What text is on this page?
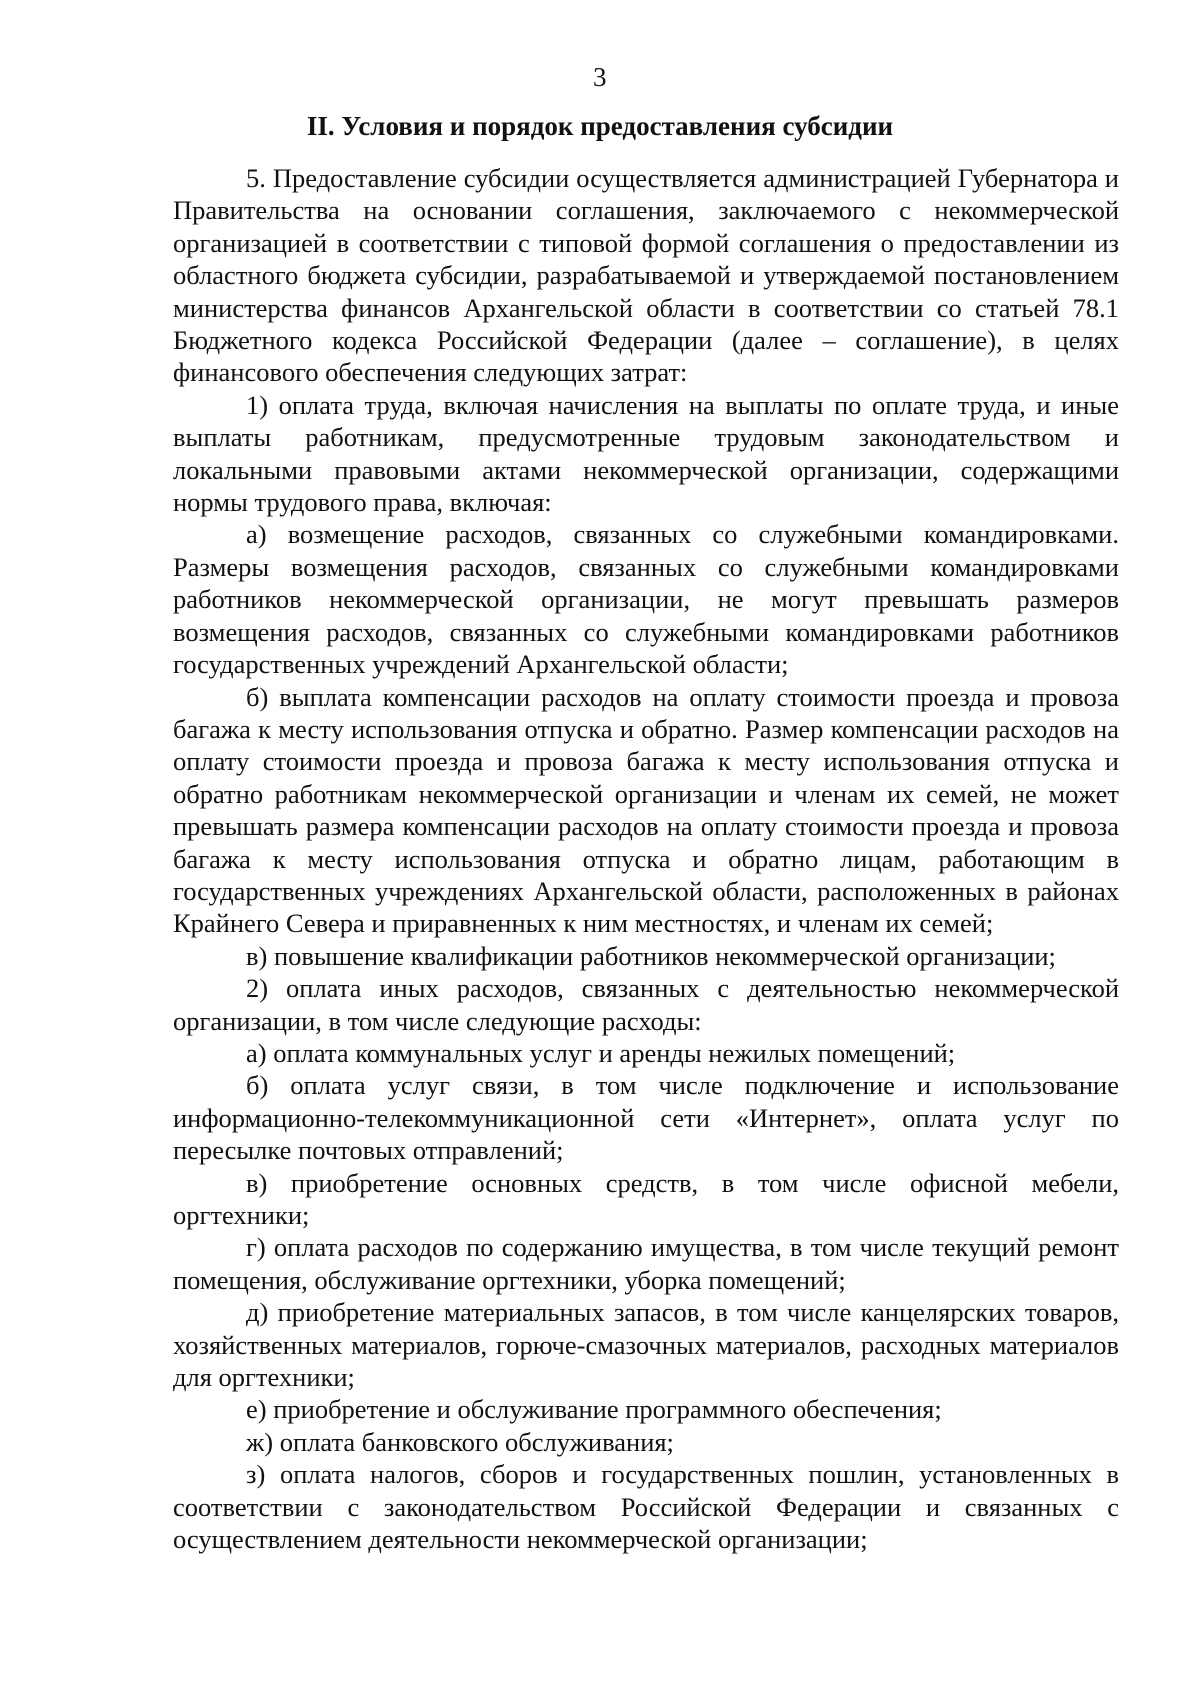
3
II. Условия и порядок предоставления субсидии

5. Предоставление субсидии осуществляется администрацией Губернатора и Правительства на основании соглашения, заключаемого с некоммерческой организацией в соответствии с типовой формой соглашения о предоставлении из областного бюджета субсидии, разрабатываемой и утверждаемой постановлением министерства финансов Архангельской области в соответствии со статьей 78.1 Бюджетного кодекса Российской Федерации (далее – соглашение), в целях финансового обеспечения следующих затрат:

1) оплата труда, включая начисления на выплаты по оплате труда, и иные выплаты работникам, предусмотренные трудовым законодательством и локальными правовыми актами некоммерческой организации, содержащими нормы трудового права, включая:

а) возмещение расходов, связанных со служебными командировками. Размеры возмещения расходов, связанных со служебными командировками работников некоммерческой организации, не могут превышать размеров возмещения расходов, связанных со служебными командировками работников государственных учреждений Архангельской области;

б) выплата компенсации расходов на оплату стоимости проезда и провоза багажа к месту использования отпуска и обратно. Размер компенсации расходов на оплату стоимости проезда и провоза багажа к месту использования отпуска и обратно работникам некоммерческой организации и членам их семей, не может превышать размера компенсации расходов на оплату стоимости проезда и провоза багажа к месту использования отпуска и обратно лицам, работающим в государственных учреждениях Архангельской области, расположенных в районах Крайнего Севера и приравненных к ним местностях, и членам их семей;

в) повышение квалификации работников некоммерческой организации;

2) оплата иных расходов, связанных с деятельностью некоммерческой организации, в том числе следующие расходы:

а) оплата коммунальных услуг и аренды нежилых помещений;

б) оплата услуг связи, в том числе подключение и использование информационно-телекоммуникационной сети «Интернет», оплата услуг по пересылке почтовых отправлений;

в) приобретение основных средств, в том числе офисной мебели, оргтехники;

г) оплата расходов по содержанию имущества, в том числе текущий ремонт помещения, обслуживание оргтехники, уборка помещений;

д) приобретение материальных запасов, в том числе канцелярских товаров, хозяйственных материалов, горюче-смазочных материалов, расходных материалов для оргтехники;

е) приобретение и обслуживание программного обеспечения;

ж) оплата банковского обслуживания;

з) оплата налогов, сборов и государственных пошлин, установленных в соответствии с законодательством Российской Федерации и связанных с осуществлением деятельности некоммерческой организации;
